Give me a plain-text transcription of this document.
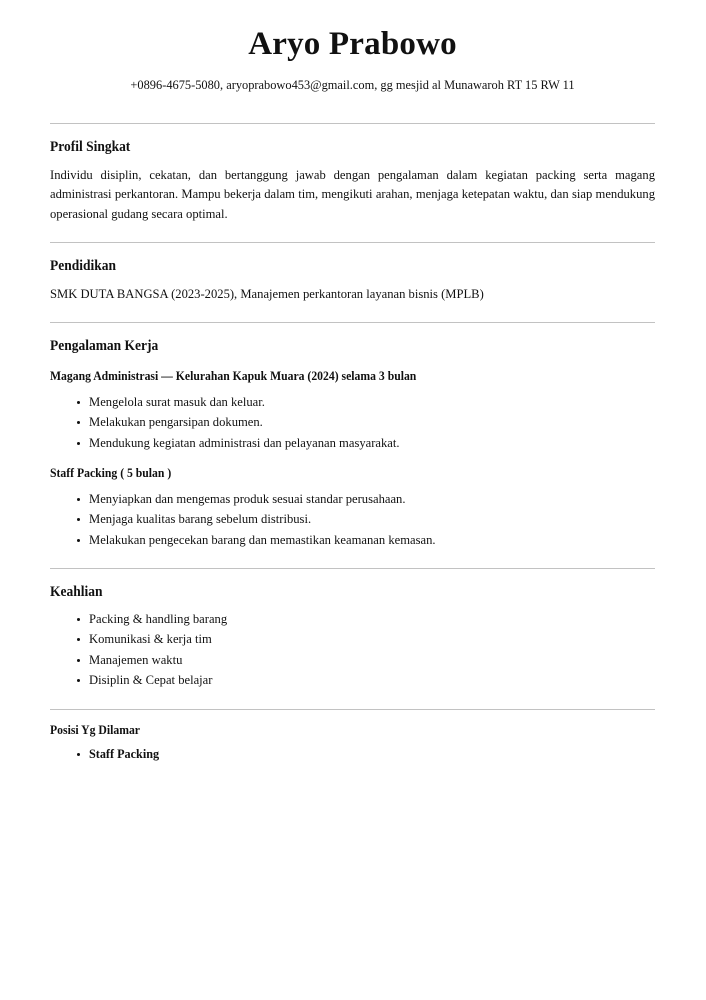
Aryo Prabowo
+0896-4675-5080, aryoprabowo453@gmail.com, gg mesjid al Munawaroh RT 15 RW 11
Profil Singkat

Individu disiplin, cekatan, dan bertanggung jawab dengan pengalaman dalam kegiatan packing serta magang administrasi perkantoran. Mampu bekerja dalam tim, mengikuti arahan, menjaga ketepatan waktu, dan siap mendukung operasional gudang secara optimal.

Pendidikan

SMK DUTA BANGSA (2023-2025), Manajemen perkantoran layanan bisnis (MPLB)

Pengalaman Kerja
Magang Administrasi — Kelurahan Kapuk Muara (2024) selama 3 bulan
Mengelola surat masuk dan keluar.
Melakukan pengarsipan dokumen.
Mendukung kegiatan administrasi dan pelayanan masyarakat.
Staff Packing ( 5 bulan )
Menyiapkan dan mengemas produk sesuai standar perusahaan.
Menjaga kualitas barang sebelum distribusi.
Melakukan pengecekan barang dan memastikan keamanan kemasan.
Keahlian
Packing & handling barang
Komunikasi & kerja tim
Manajemen waktu
Disiplin & Cepat belajar
Posisi Yg Dilamar
Staff Packing
